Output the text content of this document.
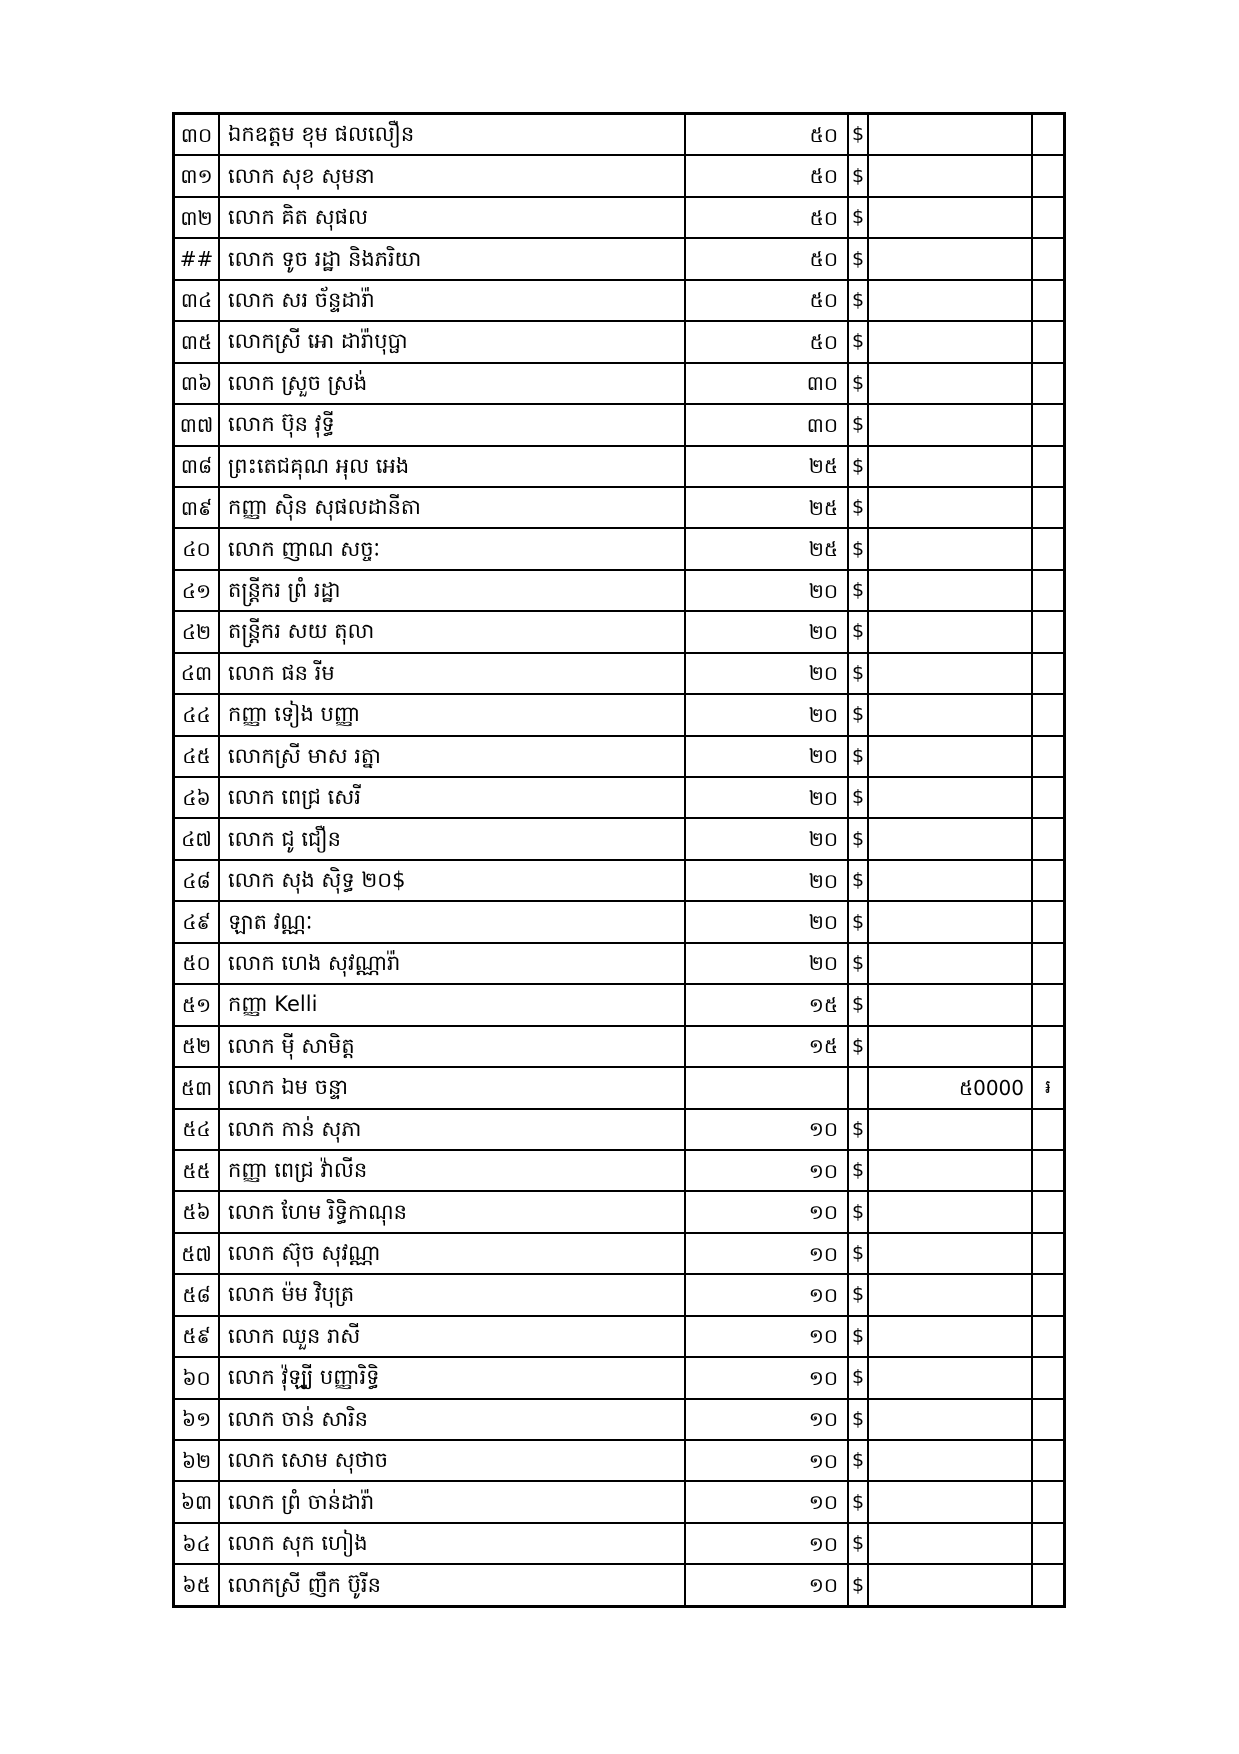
៣០ ឯកឧត្តម ខុម ផលលឿន	៥០ $
៣១ លោក សុខ សុមនា	៥០ $
៣២ លោក គិត សុផល	៥០ $
## លោក ទូច រដ្ឋា និងភរិយា	៥០ $
៣៤ លោក សរ ច័ន្ទដារ៉ា់	៥០ $
៣៥ លោកស្រី អោ ដារ៉ា់បុប្ផា	៥០ $
៣៦ លោក ស្រួច ស្រង់	៣០ $
៣៧ លោក ប៊ុន វុទ្ធី	៣០ $
៣៨ ព្រះតេជគុណ អុល អេង	២៥ $
៣៩ កញ្ញា ស៊ិន សុផលដានីតា	២៥ $
៤០ លោក ញាណ សច្ចៈ	២៥ $
៤១ តន្ត្រីករ ព្រំ រដ្ឋា	២០ $
៤២ តន្ត្រីករ សយ តុលា	២០ $
៤៣ លោក ផន រីម	២០ $
៤៤ កញ្ញា ទៀង បញ្ញា	២០ $
៤៥ លោកស្រី មាស រត្នា	២០ $
៤៦ លោក ពេជ្រ សេរី	២០ $
៤៧ លោក ជូ ជឿន	២០ $
៤៨ លោក សុង ស៊ិទ្ធ ២០$	២០ $
៤៩ ឡាត វណ្ណៈ	២០ $
៥០ លោក ហេង សុវណ្ណារ៉ា់	២០ $
៥១ កញ្ញា Kelli	១៥ $
៥២ លោក ម៉ី សាមិត្ត	១៥ $
៥៣ លោក ឯម ចន្ទា	៥0000	៛
៥៤ លោក កាន់ សុភា	១០ $
៥៥ កញ្ញា ពេជ្រ វ៉ាលីន	១០ $
៥៦ លោក ហែម រិទ្ធិកាណុន	១០ $
៥៧ លោក ស៊ុច សុវណ្ណា	១០ $
៥៨ លោក ម៉ម វិបុត្រ	១០ $
៥៩ លោក ឈួន រាសី	១០ $
៦០ លោក វ៉ុឡ្ឃី បញ្ញារិទ្ធិ	១០ $
៦១ លោក ចាន់ សារិន	១០ $
៦២ លោក សោម សុថាច	១០ $
៦៣ លោក ព្រំ ចាន់ដារ៉ា់	១០ $
៦៤ លោក សុក ហៀង	១០ $
៦៥ លោកស្រី ញឹក ប៊ូរីន	១០ $
